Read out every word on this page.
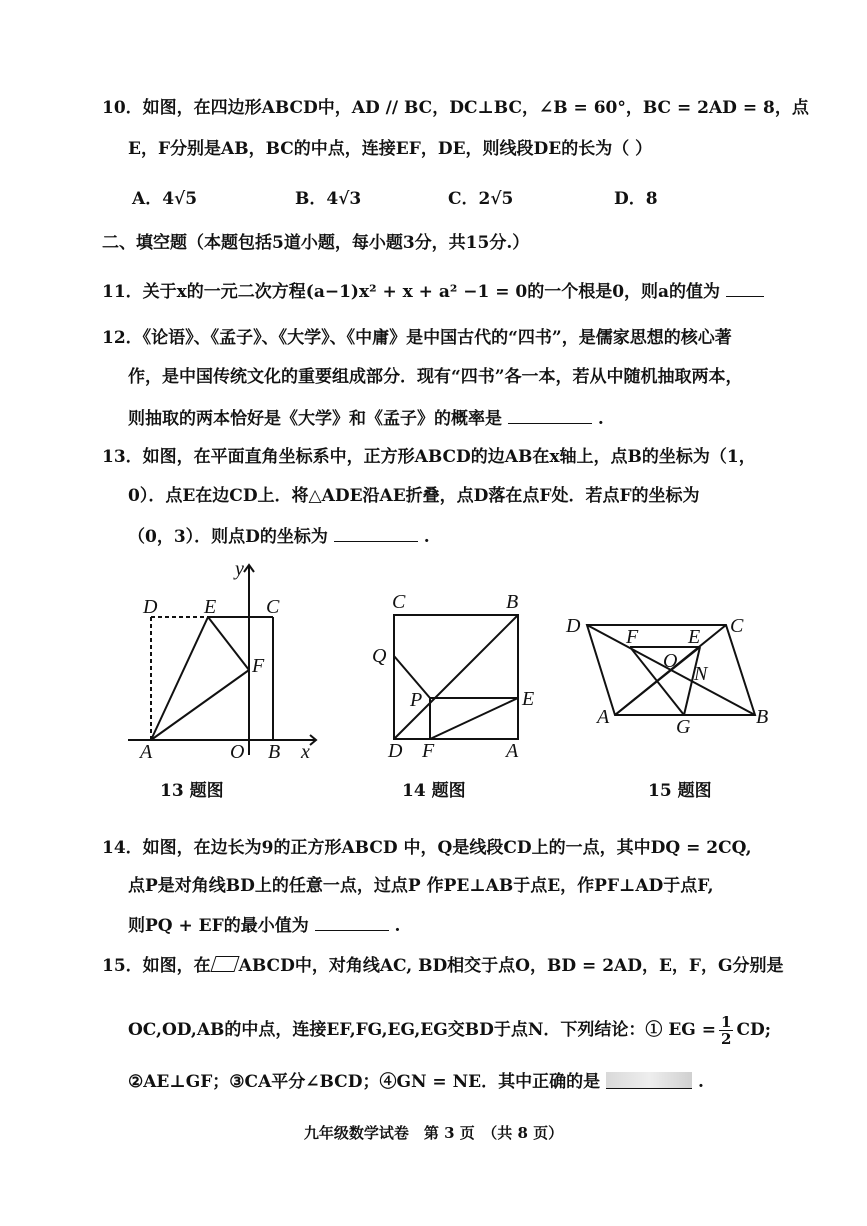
10．如图，在四边形ABCD中，AD // BC，DC⊥BC，∠B = 60°，BC = 2AD = 8，点
E，F分别是AB，BC的中点，连接EF，DE，则线段DE的长为（ ）
A．4√5	B．4√3	C．2√5	D．8
二、填空题（本题包括5道小题，每小题3分，共15分.）
11．关于x的一元二次方程(a−1)x² + x + a² −1 = 0的一个根是0，则a的值为
12．《论语》、《孟子》、《大学》、《中庸》是中国古代的“四书”，是儒家思想的核心著
作，是中国传统文化的重要组成部分．现有“四书”各一本，若从中随机抽取两本，
则抽取的两本恰好是《大学》和《孟子》的概率是	.
13．如图，在平面直角坐标系中，正方形ABCD的边AB在x轴上，点B的坐标为（1，
0）．点E在边CD上．将△ADE沿AE折叠，点D落在点F处．若点F的坐标为
（0，3）．则点D的坐标为	.
y
D E C
F
A	O B x
13 题图
C	B
Q
P	E
D F	A
14 题图
D F E C
O
N
A	G	B
15 题图
14．如图，在边长为9的正方形ABCD 中，Q是线段CD上的一点，其中DQ = 2CQ,
点P是对角线BD上的任意一点，过点P 作PE⊥AB于点E，作PF⊥AD于点F,
则PQ + EF的最小值为	.
15．如图，在 ABCD中，对角线AC, BD相交于点O，BD = 2AD，E，F，G分别是
OC,OD,AB的中点，连接EF,FG,EG,EG交BD于点N．下列结论：① EG = $\frac{1}{2}$ CD;
②AE⊥GF；③CA平分∠BCD；④GN = NE．其中正确的是	.
九年级数学试卷　第 3 页　（共 8 页）
